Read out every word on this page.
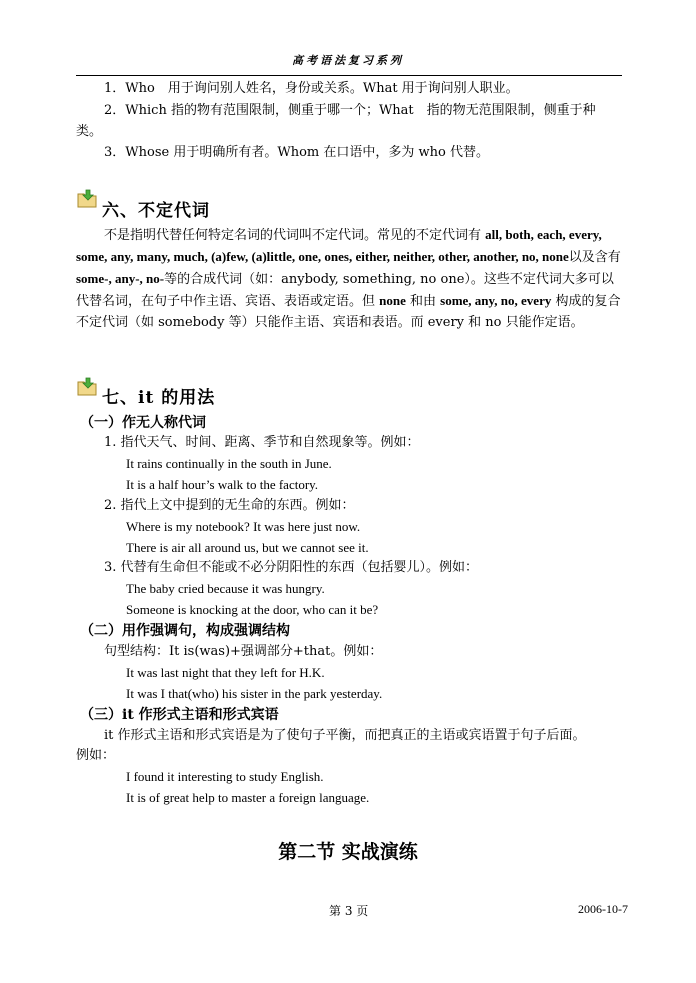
高考语法复习系列
1．Who　用于询问别人姓名，身份或关系。What 用于询问别人职业。
2．Which 指的物有范围限制，侧重于哪一个；What　指的物无范围限制，侧重于种
类。
3．Whose 用于明确所有者。Whom 在口语中，多为 who 代替。
六、不定代词
不是指明代替任何特定名词的代词叫不定代词。常见的不定代词有 all, both, each, every, some, any, many, much, (a)few, (a)little, one, ones, either, neither, other, another, no, none以及含有 some-, any-, no-等的合成代词（如：anybody, something, no one）。这些不定代词大多可以代替名词，在句子中作主语、宾语、表语或定语。但 none 和由 some, any, no, every 构成的复合不定代词（如 somebody 等）只能作主语、宾语和表语。而 every 和 no 只能作定语。
七、it 的用法
（一）作无人称代词
1. 指代天气、时间、距离、季节和自然现象等。例如：
It rains continually in the south in June.
It is a half hour’s walk to the factory.
2. 指代上文中提到的无生命的东西。例如：
Where is my notebook? It was here just now.
There is air all around us, but we cannot see it.
3. 代替有生命但不能或不必分阴阳性的东西（包括婴儿）。例如：
The baby cried because it was hungry.
Someone is knocking at the door, who can it be?
（二）用作强调句，构成强调结构
句型结构：It is(was)+强调部分+that。例如：
It was last night that they left for H.K.
It was I that(who) his sister in the park yesterday.
（三）it 作形式主语和形式宾语
it 作形式主语和形式宾语是为了使句子平衡，而把真正的主语或宾语置于句子后面。
例如：
I found it interesting to study English.
It is of great help to master a foreign language.
第二节 实战演练
第 3 页	2006-10-7
